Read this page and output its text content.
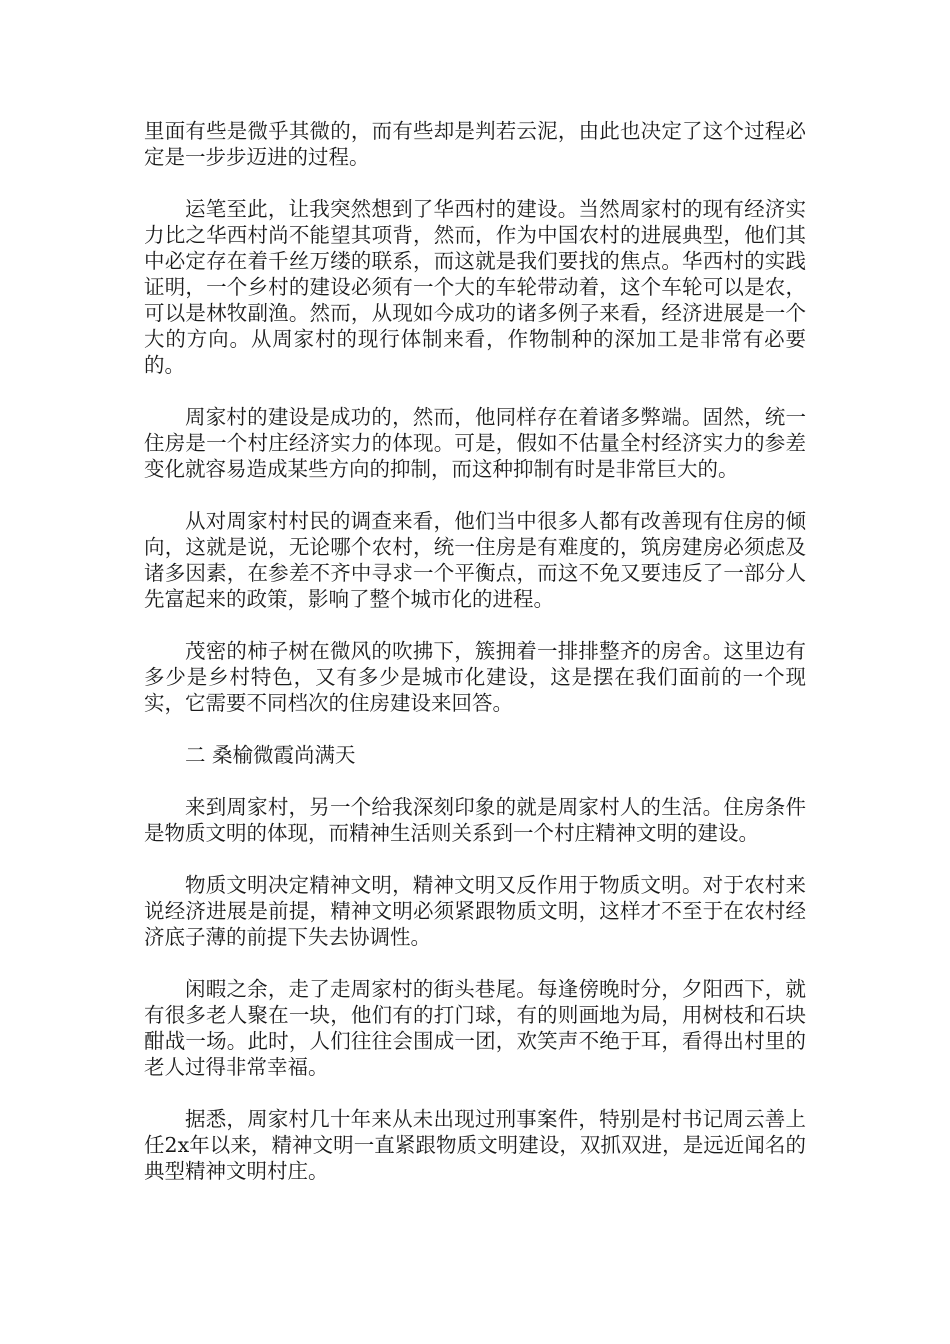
里面有些是微乎其微的，而有些却是判若云泥，由此也决定了这个过程必定是一步步迈进的过程。

运笔至此，让我突然想到了华西村的建设。当然周家村的现有经济实力比之华西村尚不能望其项背，然而，作为中国农村的进展典型，他们其中必定存在着千丝万缕的联系，而这就是我们要找的焦点。华西村的实践证明，一个乡村的建设必须有一个大的车轮带动着，这个车轮可以是农，可以是林牧副渔。然而，从现如今成功的诸多例子来看，经济进展是一个大的方向。从周家村的现行体制来看，作物制种的深加工是非常有必要的。

周家村的建设是成功的，然而，他同样存在着诸多弊端。固然，统一住房是一个村庄经济实力的体现。可是，假如不估量全村经济实力的参差变化就容易造成某些方向的抑制，而这种抑制有时是非常巨大的。

从对周家村村民的调查来看，他们当中很多人都有改善现有住房的倾向，这就是说，无论哪个农村，统一住房是有难度的，筑房建房必须虑及诸多因素，在参差不齐中寻求一个平衡点，而这不免又要违反了一部分人先富起来的政策，影响了整个城市化的进程。

茂密的柿子树在微风的吹拂下，簇拥着一排排整齐的房舍。这里边有多少是乡村特色，又有多少是城市化建设，这是摆在我们面前的一个现实，它需要不同档次的住房建设来回答。

二 桑榆微霞尚满天

来到周家村，另一个给我深刻印象的就是周家村人的生活。住房条件是物质文明的体现，而精神生活则关系到一个村庄精神文明的建设。

物质文明决定精神文明，精神文明又反作用于物质文明。对于农村来说经济进展是前提，精神文明必须紧跟物质文明，这样才不至于在农村经济底子薄的前提下失去协调性。

闲暇之余，走了走周家村的街头巷尾。每逢傍晚时分，夕阳西下，就有很多老人聚在一块，他们有的打门球，有的则画地为局，用树枝和石块酣战一场。此时，人们往往会围成一团，欢笑声不绝于耳，看得出村里的老人过得非常幸福。

据悉，周家村几十年来从未出现过刑事案件，特别是村书记周云善上任2x年以来，精神文明一直紧跟物质文明建设，双抓双进，是远近闻名的典型精神文明村庄。
